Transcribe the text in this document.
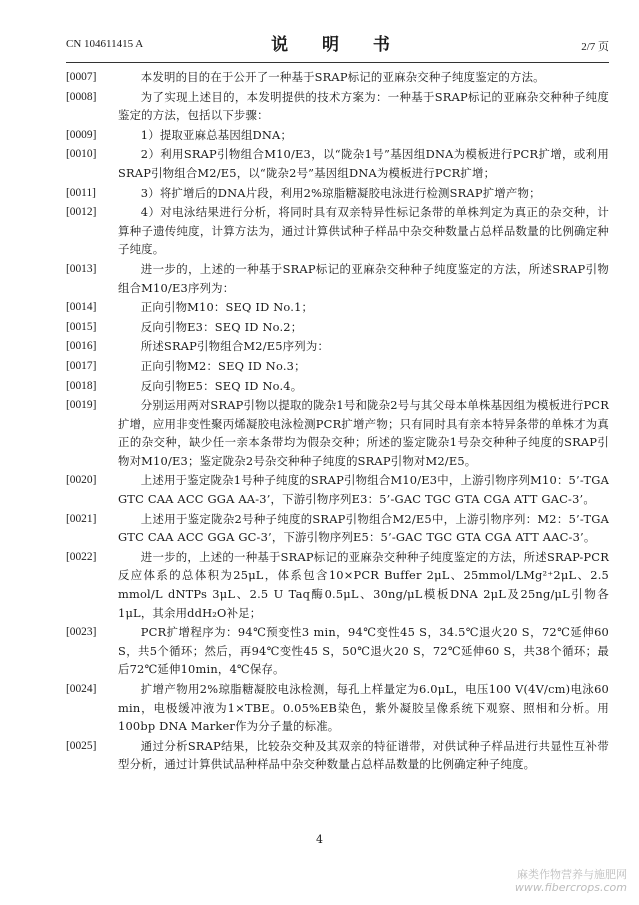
CN 104611415 A	说 明 书	2/7 页
[0007]	本发明的目的在于公开了一种基于SRAP标记的亚麻杂交种子纯度鉴定的方法。
[0008]	为了实现上述目的，本发明提供的技术方案为：一种基于SRAP标记的亚麻杂交种种子纯度鉴定的方法，包括以下步骤：
[0009]	1）提取亚麻总基因组DNA；
[0010]	2）利用SRAP引物组合M10/E3，以“陇杂1号”基因组DNA为模板进行PCR扩增，或利用SRAP引物组合M2/E5，以“陇杂2号”基因组DNA为模板进行PCR扩增；
[0011]	3）将扩增后的DNA片段，利用2%琼脂糖凝胶电泳进行检测SRAP扩增产物；
[0012]	4）对电泳结果进行分析，将同时具有双亲特异性标记条带的单株判定为真正的杂交种，计算种子遗传纯度，计算方法为，通过计算供试种子样品中杂交种数量占总样品数量的比例确定种子纯度。
[0013]	进一步的，上述的一种基于SRAP标记的亚麻杂交种种子纯度鉴定的方法，所述SRAP引物组合M10/E3序列为：
[0014]	正向引物M10：SEQ ID No.1；
[0015]	反向引物E3：SEQ ID No.2；
[0016]	所述SRAP引物组合M2/E5序列为：
[0017]	正向引物M2：SEQ ID No.3；
[0018]	反向引物E5：SEQ ID No.4。
[0019]	分别运用两对SRAP引物以提取的陇杂1号和陇杂2号与其父母本单株基因组为模板进行PCR扩增，应用非变性聚丙烯凝胶电泳检测PCR扩增产物；只有同时具有亲本特异条带的单株才为真正的杂交种，缺少任一亲本条带均为假杂交种；所述的鉴定陇杂1号杂交种种子纯度的SRAP引物对M10/E3；鉴定陇杂2号杂交种种子纯度的SRAP引物对M2/E5。
[0020]	上述用于鉴定陇杂1号种子纯度的SRAP引物组合M10/E3中，上游引物序列M10：5’-TGA GTC CAA ACC GGA AA-3’，下游引物序列E3：5’-GAC TGC GTA CGA ATT GAC-3’。
[0021]	上述用于鉴定陇杂2号种子纯度的SRAP引物组合M2/E5中，上游引物序列：M2：5’-TGA GTC CAA ACC GGA GC-3’，下游引物序列E5：5’-GAC TGC GTA CGA ATT AAC-3’。
[0022]	进一步的，上述的一种基于SRAP标记的亚麻杂交种种子纯度鉴定的方法，所述SRAP-PCR反应体系的总体积为25μL，体系包含10×PCR Buffer 2μL、25mmol/LMg²⁺2μL、2.5 mmol/L dNTPs 3μL、2.5 U Taq酶0.5μL、30ng/μL模板DNA 2μL及25ng/μL引物各1μL，其余用ddH₂O补足；
[0023]	PCR扩增程序为：94℃预变性3 min，94℃变性45 S，34.5℃退火20 S，72℃延伸60 S，共5个循环；然后，再94℃变性45 S，50℃退火20 S，72℃延伸60 S，共38个循环；最后72℃延伸10min，4℃保存。
[0024]	扩增产物用2%琼脂糖凝胶电泳检测，每孔上样量定为6.0μL，电压100 V(4V/cm)电泳60 min，电极缓冲液为1×TBE。0.05%EB染色，紫外凝胶呈像系统下观察、照相和分析。用100bp DNA Marker作为分子量的标准。
[0025]	通过分析SRAP结果，比较杂交种及其双亲的特征谱带，对供试种子样品进行共显性互补带型分析，通过计算供试品种样品中杂交种数量占总样品数量的比例确定种子纯度。
4
麻类作物营养与施肥网
www.fibercrops.com
